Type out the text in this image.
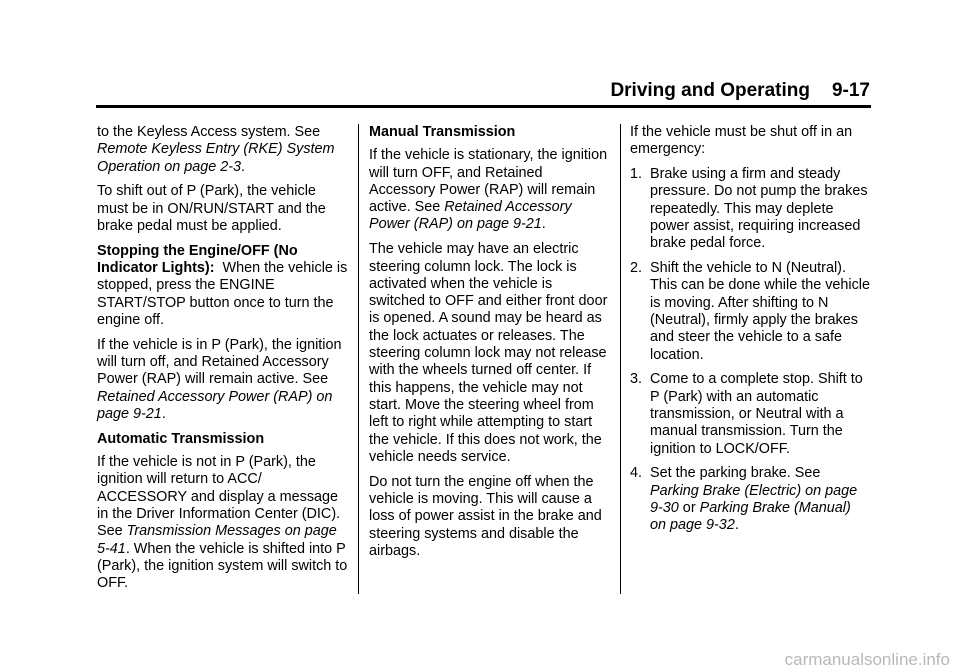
Driving and Operating 9-17

to the Keyless Access system. See Remote Keyless Entry (RKE) System Operation on page 2-3.

To shift out of P (Park), the vehicle must be in ON/RUN/START and the brake pedal must be applied.

Stopping the Engine/OFF (No Indicator Lights):  When the vehicle is stopped, press the ENGINE START/STOP button once to turn the engine off.

If the vehicle is in P (Park), the ignition will turn off, and Retained Accessory Power (RAP) will remain active. See Retained Accessory Power (RAP) on page 9-21.

Automatic Transmission

If the vehicle is not in P (Park), the ignition will return to ACC/ ACCESSORY and display a message in the Driver Information Center (DIC). See Transmission Messages on page 5-41. When the vehicle is shifted into P (Park), the ignition system will switch to OFF.

Manual Transmission

If the vehicle is stationary, the ignition will turn OFF, and Retained Accessory Power (RAP) will remain active. See Retained Accessory Power (RAP) on page 9-21.

The vehicle may have an electric steering column lock. The lock is activated when the vehicle is switched to OFF and either front door is opened. A sound may be heard as the lock actuates or releases. The steering column lock may not release with the wheels turned off center. If this happens, the vehicle may not start. Move the steering wheel from left to right while attempting to start the vehicle. If this does not work, the vehicle needs service.

Do not turn the engine off when the vehicle is moving. This will cause a loss of power assist in the brake and steering systems and disable the airbags.

If the vehicle must be shut off in an emergency:

1. Brake using a firm and steady pressure. Do not pump the brakes repeatedly. This may deplete power assist, requiring increased brake pedal force.
2. Shift the vehicle to N (Neutral). This can be done while the vehicle is moving. After shifting to N (Neutral), firmly apply the brakes and steer the vehicle to a safe location.
3. Come to a complete stop. Shift to P (Park) with an automatic transmission, or Neutral with a manual transmission. Turn the ignition to LOCK/OFF.
4. Set the parking brake. See Parking Brake (Electric) on page 9-30 or Parking Brake (Manual) on page 9-32.
carmanualsonline.info
